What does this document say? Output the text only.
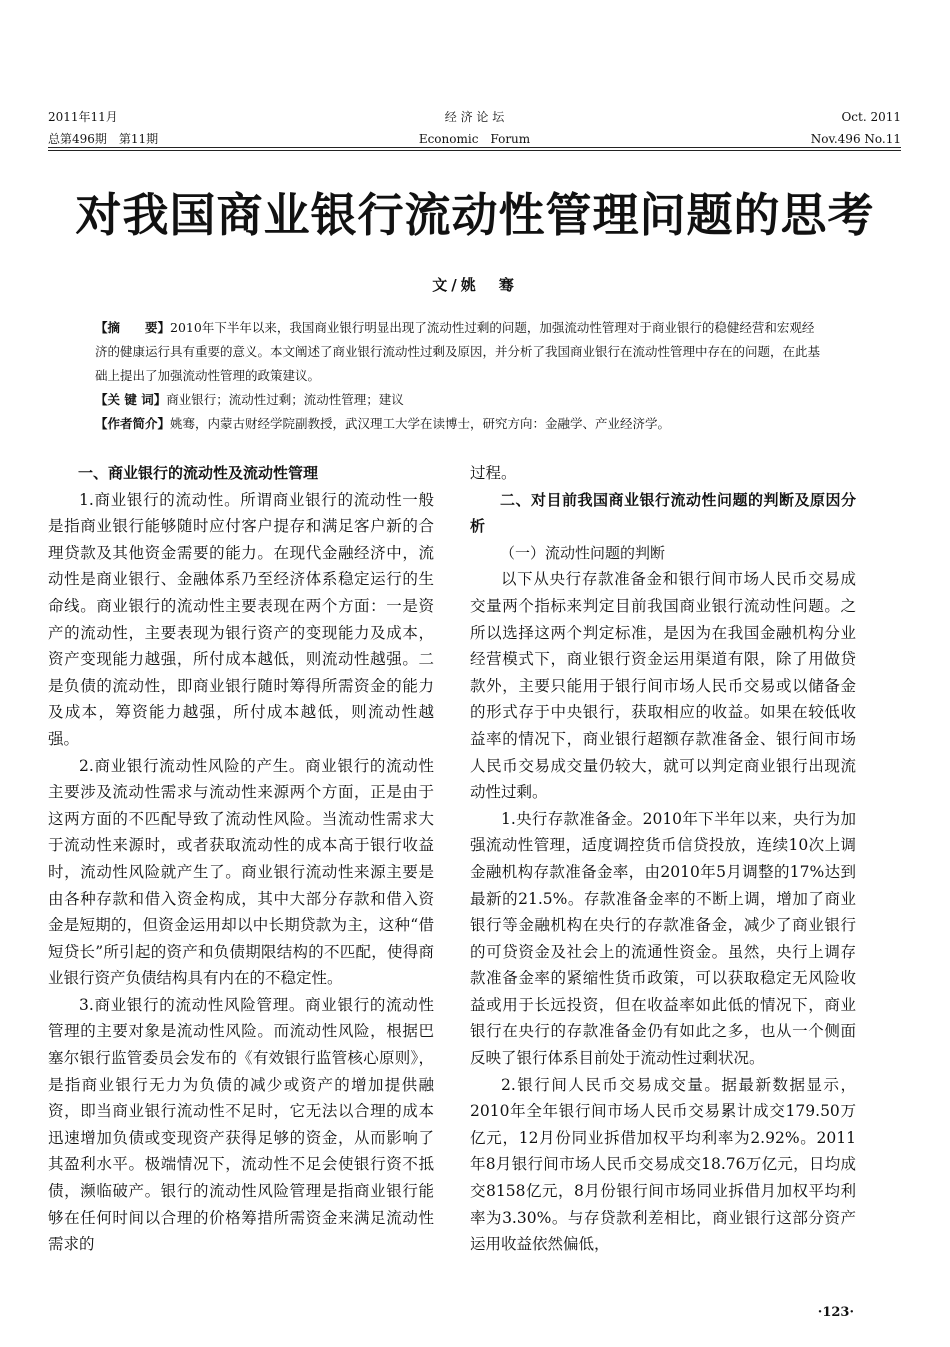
2011年11月
总第496期　第11期
经 济 论 坛
Economic　Forum
Oct. 2011
Nov.496 No.11
对我国商业银行流动性管理问题的思考
文/姚　骞

【摘　　要】2010年下半年以来，我国商业银行明显出现了流动性过剩的问题，加强流动性管理对于商业银行的稳健经营和宏观经济的健康运行具有重要的意义。本文阐述了商业银行流动性过剩及原因，并分析了我国商业银行在流动性管理中存在的问题，在此基础上提出了加强流动性管理的政策建议。

【关 键 词】商业银行；流动性过剩；流动性管理；建议

【作者简介】姚骞，内蒙古财经学院副教授，武汉理工大学在读博士，研究方向：金融学、产业经济学。

一、商业银行的流动性及流动性管理

1.商业银行的流动性。所谓商业银行的流动性一般是指商业银行能够随时应付客户提存和满足客户新的合理贷款及其他资金需要的能力。在现代金融经济中，流动性是商业银行、金融体系乃至经济体系稳定运行的生命线。商业银行的流动性主要表现在两个方面：一是资产的流动性，主要表现为银行资产的变现能力及成本，资产变现能力越强，所付成本越低，则流动性越强。二是负债的流动性，即商业银行随时筹得所需资金的能力及成本，筹资能力越强，所付成本越低，则流动性越强。

2.商业银行流动性风险的产生。商业银行的流动性主要涉及流动性需求与流动性来源两个方面，正是由于这两方面的不匹配导致了流动性风险。当流动性需求大于流动性来源时，或者获取流动性的成本高于银行收益时，流动性风险就产生了。商业银行流动性来源主要是由各种存款和借入资金构成，其中大部分存款和借入资金是短期的，但资金运用却以中长期贷款为主，这种“借短贷长”所引起的资产和负债期限结构的不匹配，使得商业银行资产负债结构具有内在的不稳定性。

3.商业银行的流动性风险管理。商业银行的流动性管理的主要对象是流动性风险。而流动性风险，根据巴塞尔银行监管委员会发布的《有效银行监管核心原则》，是指商业银行无力为负债的减少或资产的增加提供融资，即当商业银行流动性不足时，它无法以合理的成本迅速增加负债或变现资产获得足够的资金，从而影响了其盈利水平。极端情况下，流动性不足会使银行资不抵债，濒临破产。银行的流动性风险管理是指商业银行能够在任何时间以合理的价格筹措所需资金来满足流动性需求的

过程。

二、对目前我国商业银行流动性问题的判断及原因分析
（一）流动性问题的判断

以下从央行存款准备金和银行间市场人民币交易成交量两个指标来判定目前我国商业银行流动性问题。之所以选择这两个判定标准，是因为在我国金融机构分业经营模式下，商业银行资金运用渠道有限，除了用做贷款外，主要只能用于银行间市场人民币交易或以储备金的形式存于中央银行，获取相应的收益。如果在较低收益率的情况下，商业银行超额存款准备金、银行间市场人民币交易成交量仍较大，就可以判定商业银行出现流动性过剩。

1.央行存款准备金。2010年下半年以来，央行为加强流动性管理，适度调控货币信贷投放，连续10次上调金融机构存款准备金率，由2010年5月调整的17%达到最新的21.5%。存款准备金率的不断上调，增加了商业银行等金融机构在央行的存款准备金，减少了商业银行的可贷资金及社会上的流通性资金。虽然，央行上调存款准备金率的紧缩性货币政策，可以获取稳定无风险收益或用于长远投资，但在收益率如此低的情况下，商业银行在央行的存款准备金仍有如此之多，也从一个侧面反映了银行体系目前处于流动性过剩状况。

2.银行间人民币交易成交量。据最新数据显示，2010年全年银行间市场人民币交易累计成交179.50万亿元，12月份同业拆借加权平均利率为2.92%。2011年8月银行间市场人民币交易成交18.76万亿元，日均成交8158亿元，8月份银行间市场同业拆借月加权平均利率为3.30%。与存贷款利差相比，商业银行这部分资产运用收益依然偏低，

·123·
